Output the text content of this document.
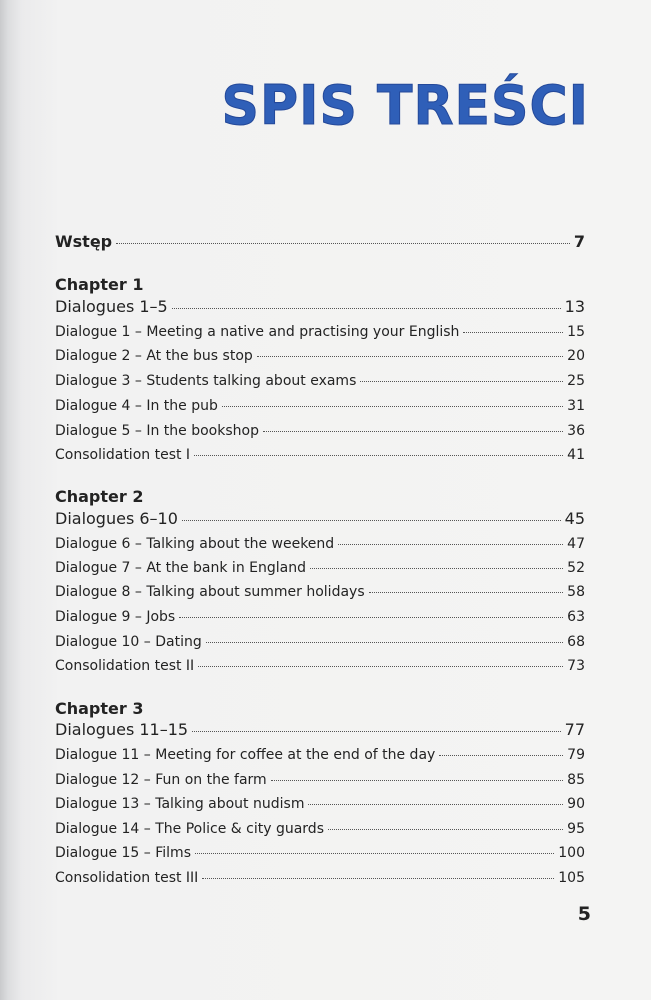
SPIS TREŚCI
Wstęp	7
Chapter 1
Dialogues 1–5	13
Dialogue 1 – Meeting a native and practising your English	15
Dialogue 2 – At the bus stop	20
Dialogue 3 – Students talking about exams	25
Dialogue 4 – In the pub	31
Dialogue 5 – In the bookshop	36
Consolidation test I	41
Chapter 2
Dialogues 6–10	45
Dialogue 6 – Talking about the weekend	47
Dialogue 7 – At the bank in England	52
Dialogue 8 – Talking about summer holidays	58
Dialogue 9 – Jobs	63
Dialogue 10 – Dating	68
Consolidation test II	73
Chapter 3
Dialogues 11–15	77
Dialogue 11 – Meeting for coffee at the end of the day	79
Dialogue 12 – Fun on the farm	85
Dialogue 13 – Talking about nudism	90
Dialogue 14 – The Police & city guards	95
Dialogue 15 – Films	100
Consolidation test III	105
5
